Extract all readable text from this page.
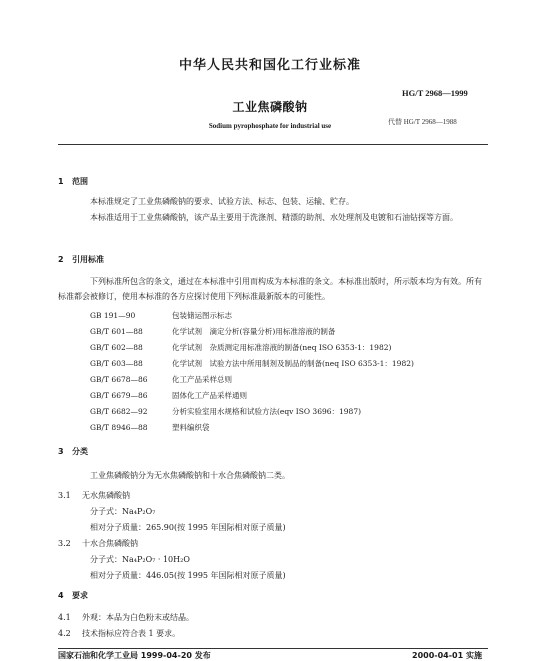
中华人民共和国化工行业标准
HG/T 2968—1999
工业焦磷酸钠
代替 HG/T 2968—1988
Sodium pyrophosphate for industrial use
1 范围
本标准规定了工业焦磷酸钠的要求、试验方法、标志、包装、运输、贮存。
本标准适用于工业焦磷酸钠，该产品主要用于洗涤剂、精漂的助剂、水处理剂及电镀和石油钻探等方面。
2 引用标准
下列标准所包含的条文，通过在本标准中引用而构成为本标准的条文。本标准出版时，所示版本均为有效。所有标准都会被修订，使用本标准的各方应探讨使用下列标准最新版本的可能性。
GB 191—90	包装储运图示标志
GB/T 601—88	化学试剂　滴定分析(容量分析)用标准溶液的制备
GB/T 602—88	化学试剂　杂质测定用标准溶液的制备(neq ISO 6353-1：1982)
GB/T 603—88	化学试剂　试验方法中所用制剂及制品的制备(neq ISO 6353-1：1982)
GB/T 6678—86	化工产品采样总则
GB/T 6679—86	固体化工产品采样通则
GB/T 6682—92	分析实验室用水规格和试验方法(eqv ISO 3696：1987)
GB/T 8946—88	塑料编织袋
3 分类
工业焦磷酸钠分为无水焦磷酸钠和十水合焦磷酸钠二类。
3.1 无水焦磷酸钠
分子式：Na₄P₂O₇
相对分子质量：265.90(按 1995 年国际相对原子质量)
3.2 十水合焦磷酸钠
分子式：Na₄P₂O₇ · 10H₂O
相对分子质量：446.05(按 1995 年国际相对原子质量)
4 要求
4.1 外观：本品为白色粉末或结晶。
4.2 技术指标应符合表 1 要求。
国家石油和化学工业局 1999-04-20 发布	2000-04-01 实施
